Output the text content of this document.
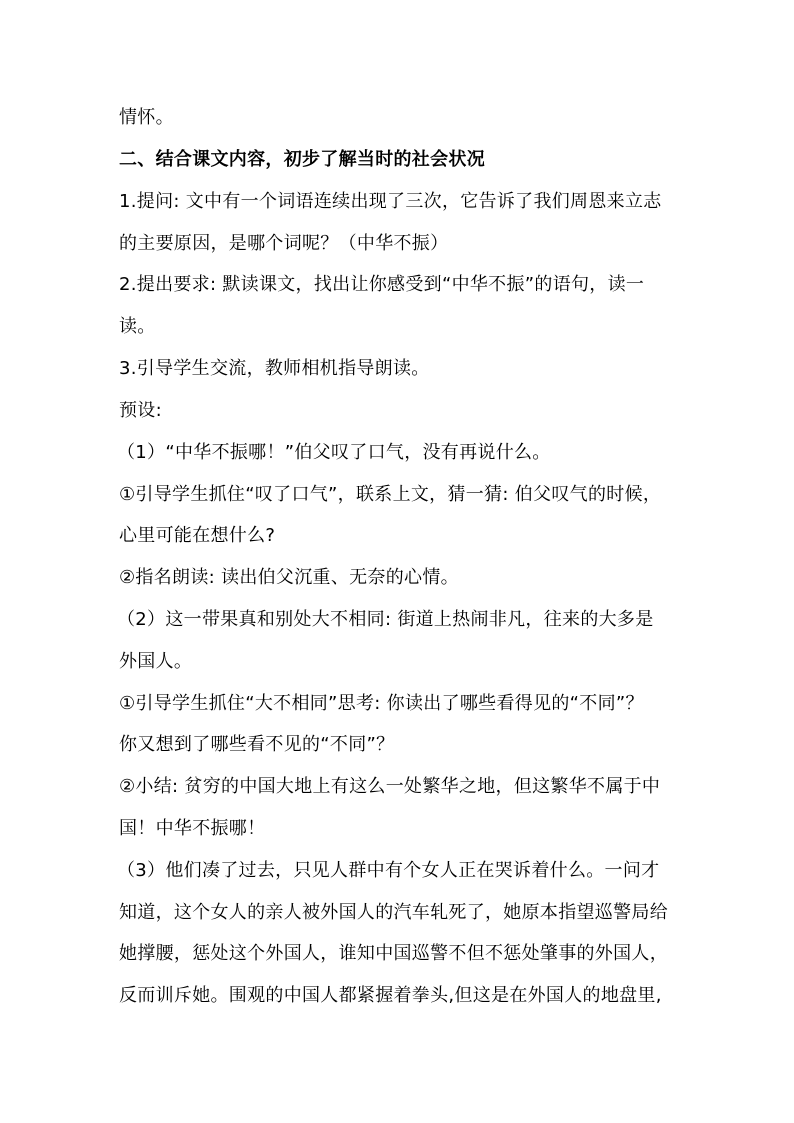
情怀。
二、结合课文内容，初步了解当时的社会状况
1.提问: 文中有一个词语连续出现了三次，它告诉了我们周恩来立志
的主要原因，是哪个词呢？（中华不振）
2.提出要求: 默读课文，找出让你感受到“中华不振”的语句，读一
读。
3.引导学生交流，教师相机指导朗读。
预设:
（1）“中华不振哪！”伯父叹了口气，没有再说什么。
①引导学生抓住“叹了口气”，联系上文，猜一猜: 伯父叹气的时候，
心里可能在想什么?
②指名朗读: 读出伯父沉重、无奈的心情。
（2）这一带果真和别处大不相同: 街道上热闹非凡，往来的大多是
外国人。
①引导学生抓住“大不相同”思考: 你读出了哪些看得见的“不同”？
你又想到了哪些看不见的“不同”？
②小结: 贫穷的中国大地上有这么一处繁华之地，但这繁华不属于中
国！中华不振哪！
（3）他们凑了过去，只见人群中有个女人正在哭诉着什么。一问才
知道，这个女人的亲人被外国人的汽车轧死了，她原本指望巡警局给
她撑腰，惩处这个外国人，谁知中国巡警不但不惩处肇事的外国人，
反而训斥她。围观的中国人都紧握着拳头,但这是在外国人的地盘里,
